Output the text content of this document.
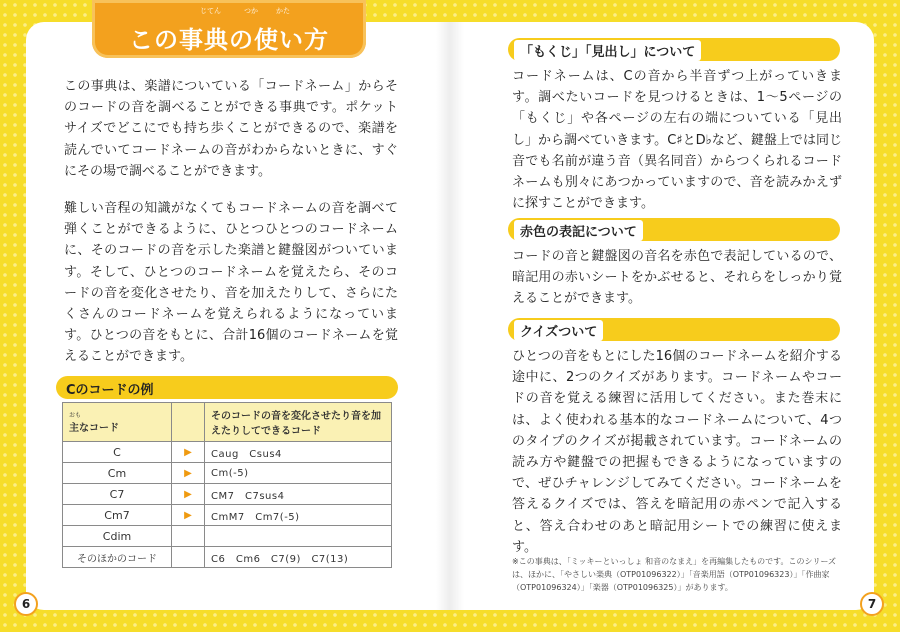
じてん	つか	かた
この事典の使い方

この事典は、楽譜についている「コードネーム」からそのコードの音を調べることができる事典です。ポケットサイズでどこにでも持ち歩くことができるので、楽譜を読んでいてコードネームの音がわからないときに、すぐにその場で調べることができます。

難しい音程の知識がなくてもコードネームの音を調べて弾くことができるように、ひとつひとつのコードネームに、そのコードの音を示した楽譜と鍵盤図がついています。そして、ひとつのコードネームを覚えたら、そのコードの音を変化させたり、音を加えたりして、さらにたくさんのコードネームを覚えられるようになっています。ひとつの音をもとに、合計16個のコードネームを覚えることができます。

Cのコードの例
おも
主なコード		そのコードの音を変化させたり音を加えたりしてできるコード
C	▶	Caug　Csus4
Cm	▶	Cm(-5)
C7	▶	CM7　C7sus4
Cm7	▶	CmM7　Cm7(-5)
Cdim		
そのほかのコード		C6　Cm6　C7(9)　C7(13)
6
「もくじ」「見出し」について

コードネームは、Cの音から半音ずつ上がっていきます。調べたいコードを見つけるときは、1～5ページの「もくじ」や各ページの左右の端についている「見出し」から調べていきます。C♯とD♭など、鍵盤上では同じ音でも名前が違う音（異名同音）からつくられるコードネームも別々にあつかっていますので、音を読みかえずに探すことができます。

赤色の表記について

コードの音と鍵盤図の音名を赤色で表記しているので、暗記用の赤いシートをかぶせると、それらをしっかり覚えることができます。

クイズついて

ひとつの音をもとにした16個のコードネームを紹介する途中に、2つのクイズがあります。コードネームやコードの音を覚える練習に活用してください。また巻末には、よく使われる基本的なコードネームについて、4つのタイプのクイズが掲載されています。コードネームの読み方や鍵盤での把握もできるようになっていますので、ぜひチャレンジしてみてください。コードネームを答えるクイズでは、答えを暗記用の赤ペンで記入すると、答え合わせのあと暗記用シートでの練習に使えます。

※この事典は、「ミッキーといっしょ 和音のなまえ」を再編集したものです。このシリーズは、ほかに、「やさしい楽典（OTP01096322）」「音楽用語（OTP01096323）」「作曲家（OTP01096324）」「楽器（OTP01096325）」があります。

7
